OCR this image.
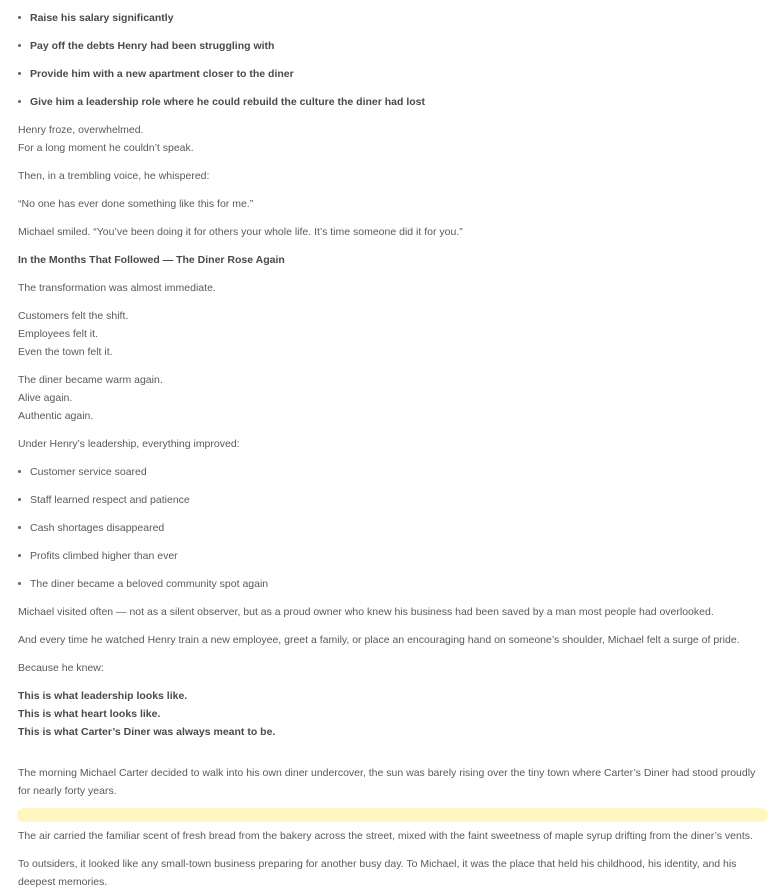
Raise his salary significantly

Pay off the debts Henry had been struggling with

Provide him with a new apartment closer to the diner

Give him a leadership role where he could rebuild the culture the diner had lost

Henry froze, overwhelmed.

For a long moment he couldn’t speak.

Then, in a trembling voice, he whispered:

“No one has ever done something like this for me.”

Michael smiled. “You’ve been doing it for others your whole life. It’s time someone did it for you.”

In the Months That Followed — The Diner Rose Again

The transformation was almost immediate.

Customers felt the shift.

Employees felt it.

Even the town felt it.

The diner became warm again.

Alive again.

Authentic again.

Under Henry’s leadership, everything improved:

Customer service soared

Staff learned respect and patience

Cash shortages disappeared

Profits climbed higher than ever

The diner became a beloved community spot again

Michael visited often — not as a silent observer, but as a proud owner who knew his business had been saved by a man most people had overlooked.

And every time he watched Henry train a new employee, greet a family, or place an encouraging hand on someone’s shoulder, Michael felt a surge of pride.

Because he knew:

This is what leadership looks like.

This is what heart looks like.

This is what Carter’s Diner was always meant to be.

The morning Michael Carter decided to walk into his own diner undercover, the sun was barely rising over the tiny town where Carter’s Diner had stood proudly for nearly forty years.

The air carried the familiar scent of fresh bread from the bakery across the street, mixed with the faint sweetness of maple syrup drifting from the diner’s vents.

To outsiders, it looked like any small-town business preparing for another busy day. To Michael, it was the place that held his childhood, his identity, and his deepest memories.
